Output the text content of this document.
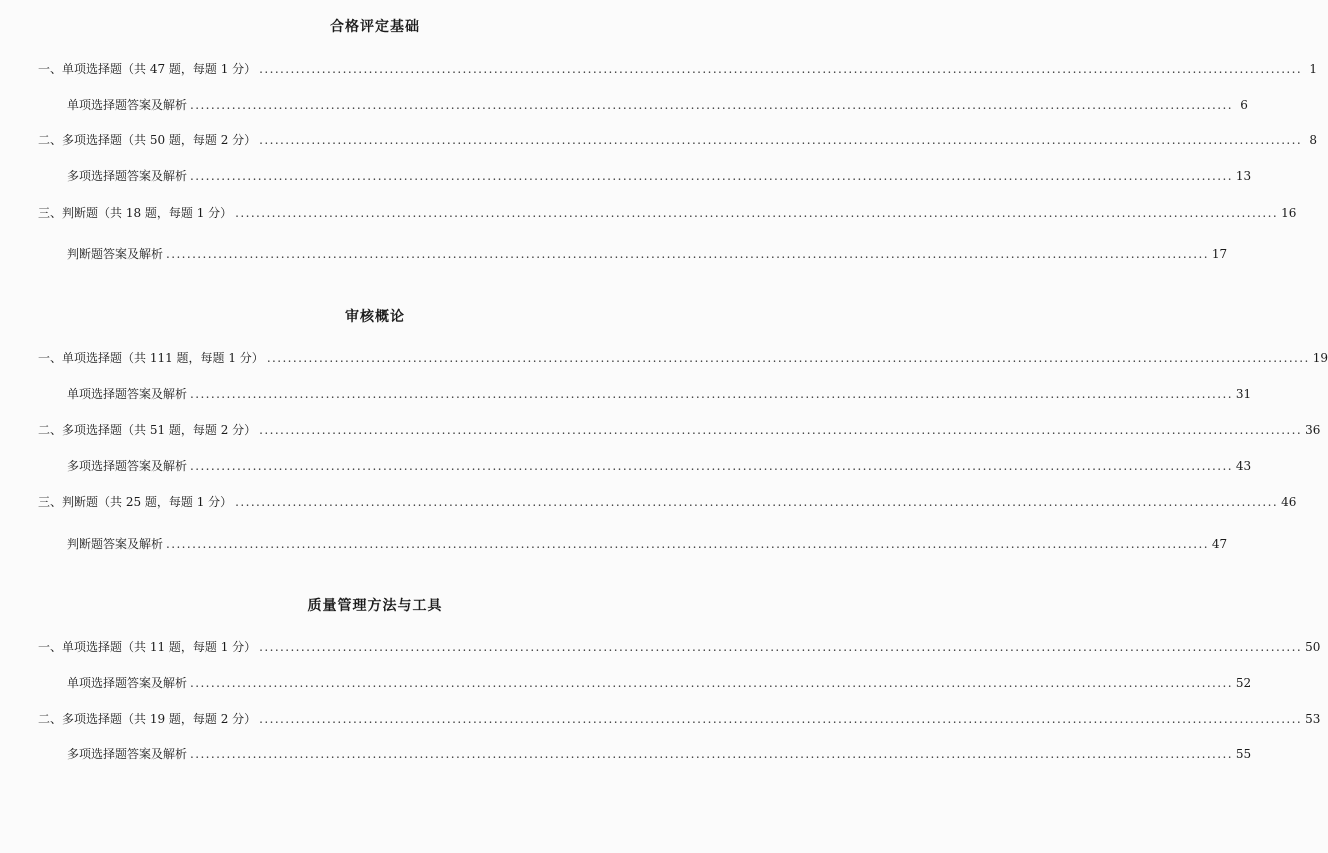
合格评定基础
一、单项选择题（共 47 题，每题 1 分） ........................................................................................................................................................................................................ 1
单项选择题答案及解析 ........................................................................................................................................................................................................ 6
二、多项选择题（共 50 题，每题 2 分） ........................................................................................................................................................................................................ 8
多项选择题答案及解析 ........................................................................................................................................................................................................ 13
三、判断题（共 18 题，每题 1 分） ........................................................................................................................................................................................................ 16
判断题答案及解析 ........................................................................................................................................................................................................ 17
审核概论
一、单项选择题（共 111 题，每题 1 分） ........................................................................................................................................................................................................ 19
单项选择题答案及解析 ........................................................................................................................................................................................................ 31
二、多项选择题（共 51 题，每题 2 分） ........................................................................................................................................................................................................ 36
多项选择题答案及解析 ........................................................................................................................................................................................................ 43
三、判断题（共 25 题，每题 1 分） ........................................................................................................................................................................................................ 46
判断题答案及解析 ........................................................................................................................................................................................................ 47
质量管理方法与工具
一、单项选择题（共 11 题，每题 1 分） ........................................................................................................................................................................................................ 50
单项选择题答案及解析 ........................................................................................................................................................................................................ 52
二、多项选择题（共 19 题，每题 2 分） ........................................................................................................................................................................................................ 53
多项选择题答案及解析 ........................................................................................................................................................................................................ 55
